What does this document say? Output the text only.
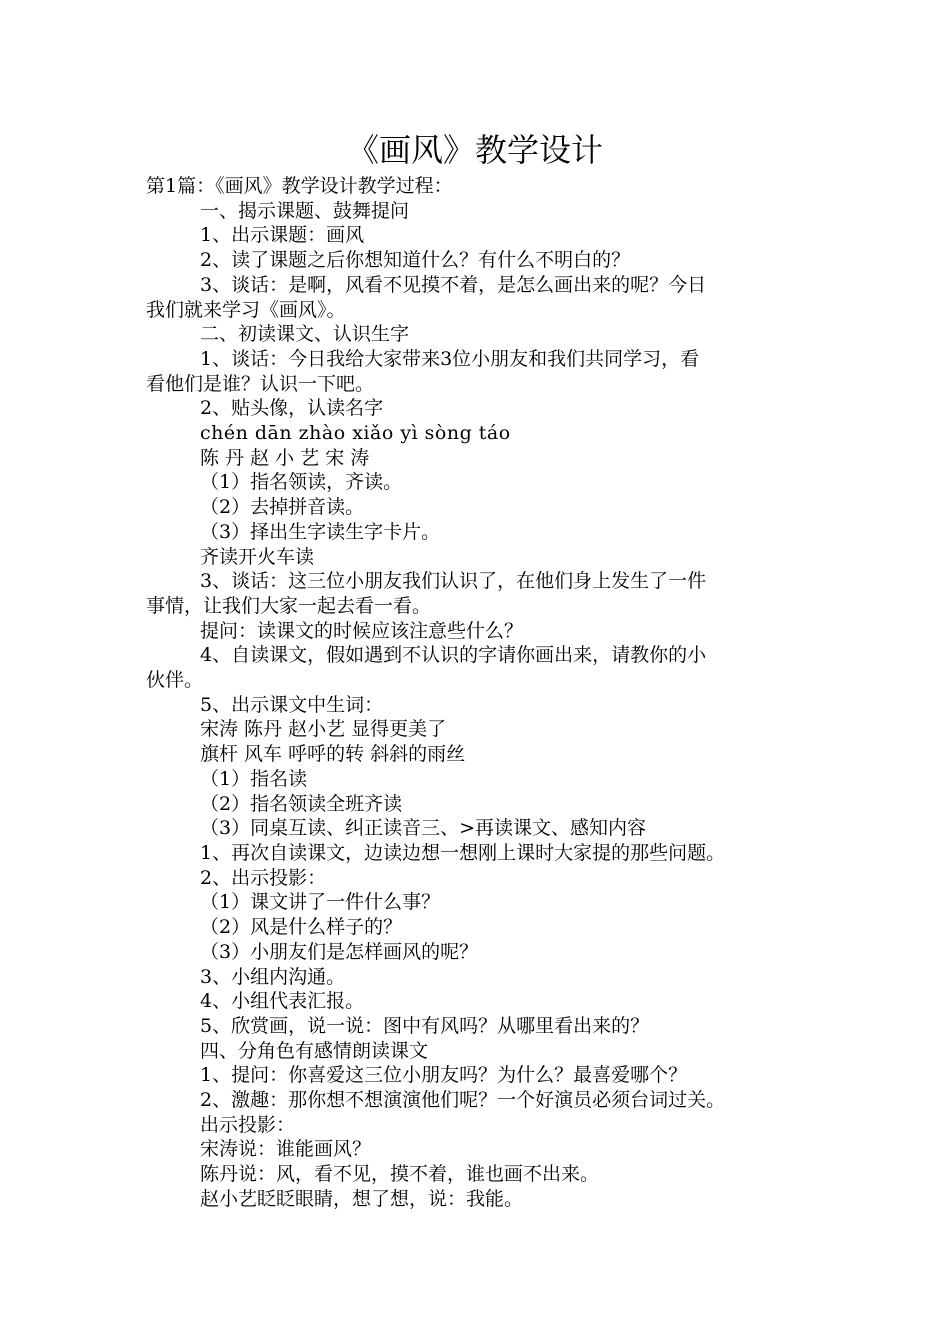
《画风》教学设计
第1篇：《画风》教学设计教学过程：
一、揭示课题、鼓舞提问
1、出示课题：画风
2、读了课题之后你想知道什么？有什么不明白的？
3、谈话：是啊，风看不见摸不着，是怎么画出来的呢？今日
我们就来学习《画风》。
二、初读课文、认识生字
1、谈话：今日我给大家带来3位小朋友和我们共同学习，看
看他们是谁？认识一下吧。
2、贴头像，认读名字
chén dān zhào xiǎo yì sòng táo
陈 丹 赵 小 艺 宋 涛
（1）指名领读，齐读。
（2）去掉拼音读。
（3）择出生字读生字卡片。
齐读开火车读
3、谈话：这三位小朋友我们认识了，在他们身上发生了一件
事情，让我们大家一起去看一看。
提问：读课文的时候应该注意些什么？
4、自读课文，假如遇到不认识的字请你画出来，请教你的小
伙伴。
5、出示课文中生词：
宋涛 陈丹 赵小艺 显得更美了
旗杆 风车 呼呼的转 斜斜的雨丝
（1）指名读
（2）指名领读全班齐读
（3）同桌互读、纠正读音三、>再读课文、感知内容
1、再次自读课文，边读边想一想刚上课时大家提的那些问题。
2、出示投影：
（1）课文讲了一件什么事？
（2）风是什么样子的？
（3）小朋友们是怎样画风的呢？
3、小组内沟通。
4、小组代表汇报。
5、欣赏画，说一说：图中有风吗？从哪里看出来的？
四、分角色有感情朗读课文
1、提问：你喜爱这三位小朋友吗？为什么？最喜爱哪个？
2、激趣：那你想不想演演他们呢？一个好演员必须台词过关。
出示投影：
宋涛说：谁能画风？
陈丹说：风，看不见，摸不着，谁也画不出来。
赵小艺眨眨眼睛，想了想，说：我能。
